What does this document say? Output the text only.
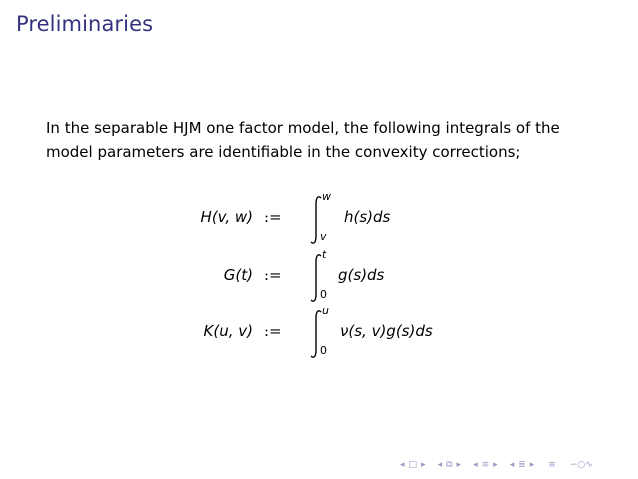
Preliminaries

In the separable HJM one factor model, the following integrals of the model parameters are identifiable in the convexity corrections;

H(v, w) :=
w
v
h(s)ds
G(t) :=
t
0
g(s)ds
K(u, v) :=
u
0
ν(s, v)g(s)ds
◂ □ ▸ ◂ ⧉ ▸ ◂ ≡ ▸ ◂ ≣ ▸ ≡ ∽○∿
